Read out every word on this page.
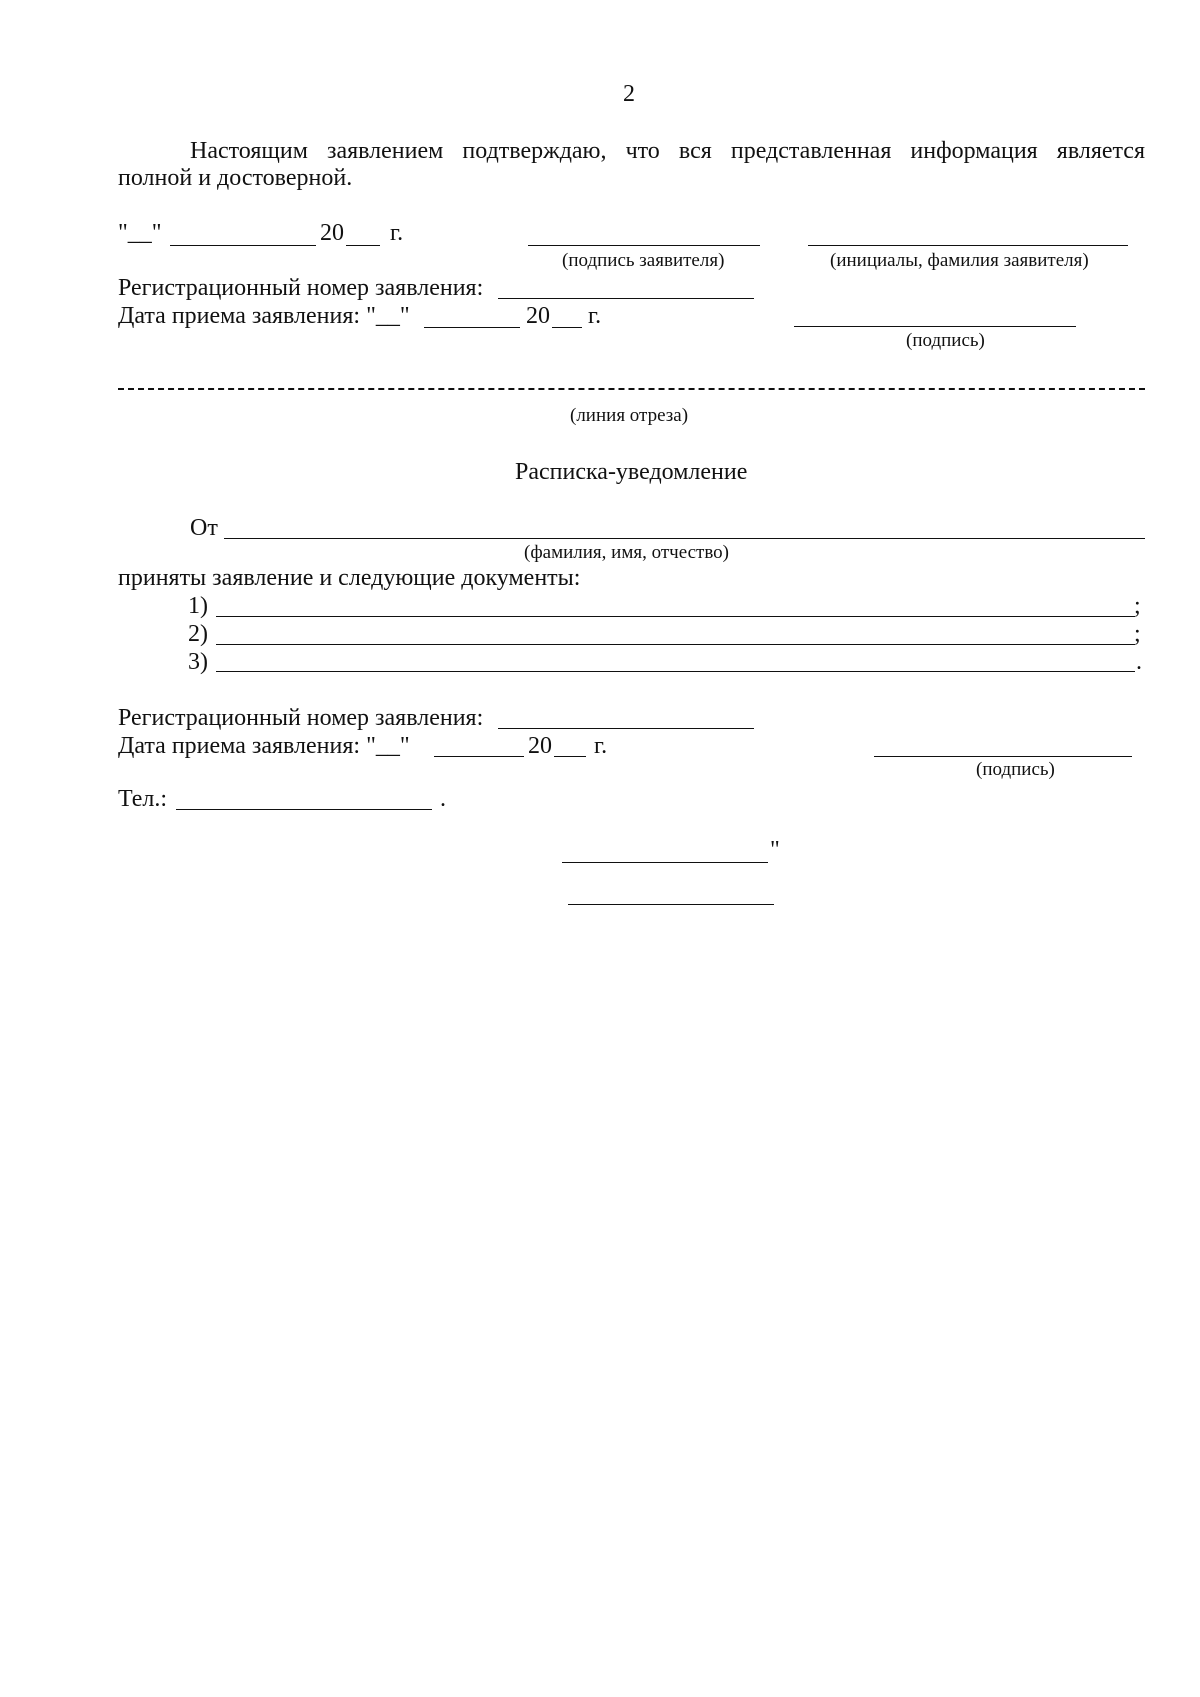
2
Настоящим заявлением подтверждаю, что вся представленная информация является
полной и достоверной.
"__"	20 г.
(подпись заявителя)	(инициалы, фамилия заявителя)
Регистрационный номер заявления:
Дата приема заявления: "__"	20 г.
(подпись)
(линия отреза)
Расписка-уведомление
От
(фамилия, имя, отчество)
приняты заявление и следующие документы:
1)	;
2)	;
3)	.
Регистрационный номер заявления:
Дата приема заявления: "__"	20 г.
(подпись)
Тел.:	.
"
